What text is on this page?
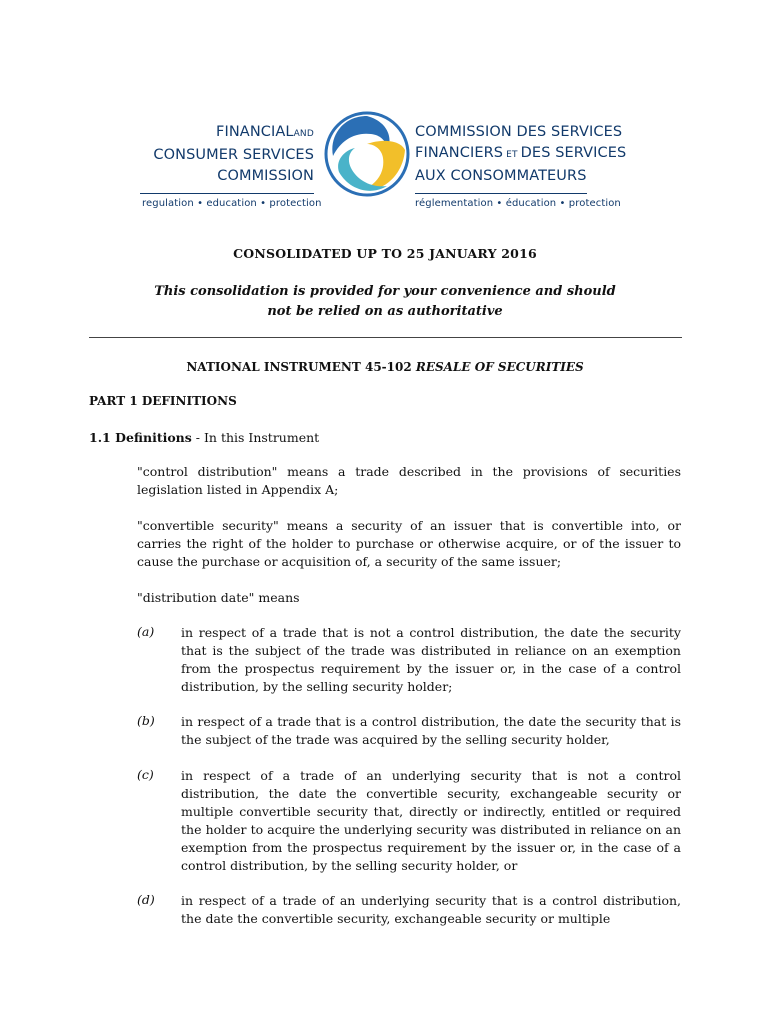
FINANCIALAND
CONSUMER SERVICES
COMMISSION
regulation • education • protection
COMMISSION DES SERVICES
FINANCIERS ET DES SERVICES
AUX CONSOMMATEURS
réglementation • éducation • protection
CONSOLIDATED UP TO 25 JANUARY 2016
This consolidation is provided for your convenience and should
not be relied on as authoritative
NATIONAL INSTRUMENT 45-102 RESALE OF SECURITIES
PART 1 DEFINITIONS
1.1 Definitions - In this Instrument
"control distribution" means a trade described in the provisions of securities legislation listed in Appendix A;
"convertible security" means a security of an issuer that is convertible into, or carries the right of the holder to purchase or otherwise acquire, or of the issuer to cause the purchase or acquisition of, a security of the same issuer;
"distribution date" means
(a) in respect of a trade that is not a control distribution, the date the security that is the subject of the trade was distributed in reliance on an exemption from the prospectus requirement by the issuer or, in the case of a control distribution, by the selling security holder;
(b) in respect of a trade that is a control distribution, the date the security that is the subject of the trade was acquired by the selling security holder,
(c) in respect of a trade of an underlying security that is not a control distribution, the date the convertible security, exchangeable security or multiple convertible security that, directly or indirectly, entitled or required the holder to acquire the underlying security was distributed in reliance on an exemption from the prospectus requirement by the issuer or, in the case of a control distribution, by the selling security holder, or
(d) in respect of a trade of an underlying security that is a control distribution, the date the convertible security, exchangeable security or multiple
